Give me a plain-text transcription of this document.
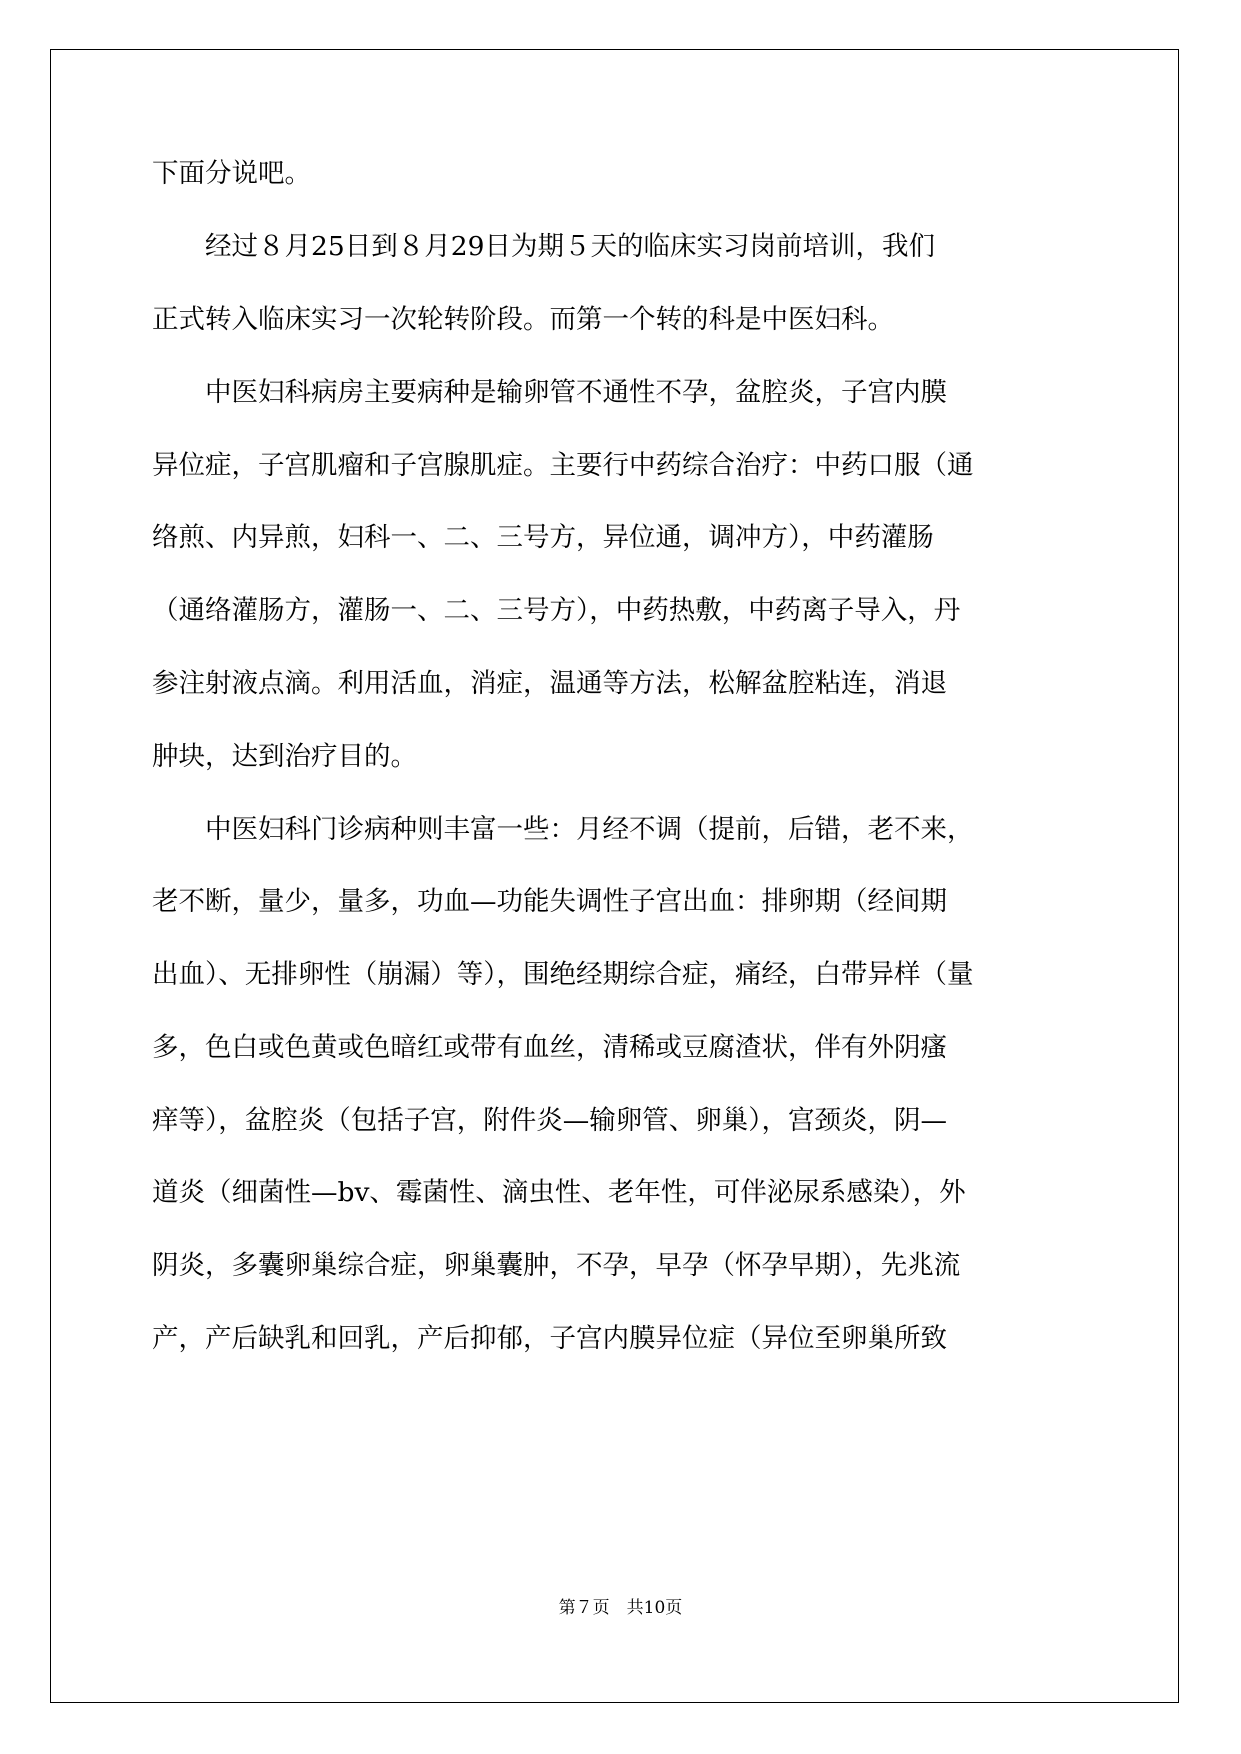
下面分说吧。
经过８月25日到８月29日为期５天的临床实习岗前培训，我们
正式转入临床实习一次轮转阶段。而第一个转的科是中医妇科。
中医妇科病房主要病种是输卵管不通性不孕，盆腔炎，子宫内膜
异位症，子宫肌瘤和子宫腺肌症。主要行中药综合治疗：中药口服（通
络煎、内异煎，妇科一、二、三号方，异位通，调冲方），中药灌肠
（通络灌肠方，灌肠一、二、三号方），中药热敷，中药离子导入，丹
参注射液点滴。利用活血，消症，温通等方法，松解盆腔粘连，消退
肿块，达到治疗目的。
中医妇科门诊病种则丰富一些：月经不调（提前，后错，老不来，
老不断，量少，量多，功血—功能失调性子宫出血：排卵期（经间期
出血）、无排卵性（崩漏）等），围绝经期综合症，痛经，白带异样（量
多，色白或色黄或色暗红或带有血丝，清稀或豆腐渣状，伴有外阴瘙
痒等），盆腔炎（包括子宫，附件炎—输卵管、卵巢），宫颈炎，阴—
道炎（细菌性—bv、霉菌性、滴虫性、老年性，可伴泌尿系感染），外
阴炎，多囊卵巢综合症，卵巢囊肿，不孕，早孕（怀孕早期），先兆流
产，产后缺乳和回乳，产后抑郁，子宫内膜异位症（异位至卵巢所致
第７页　共10页
